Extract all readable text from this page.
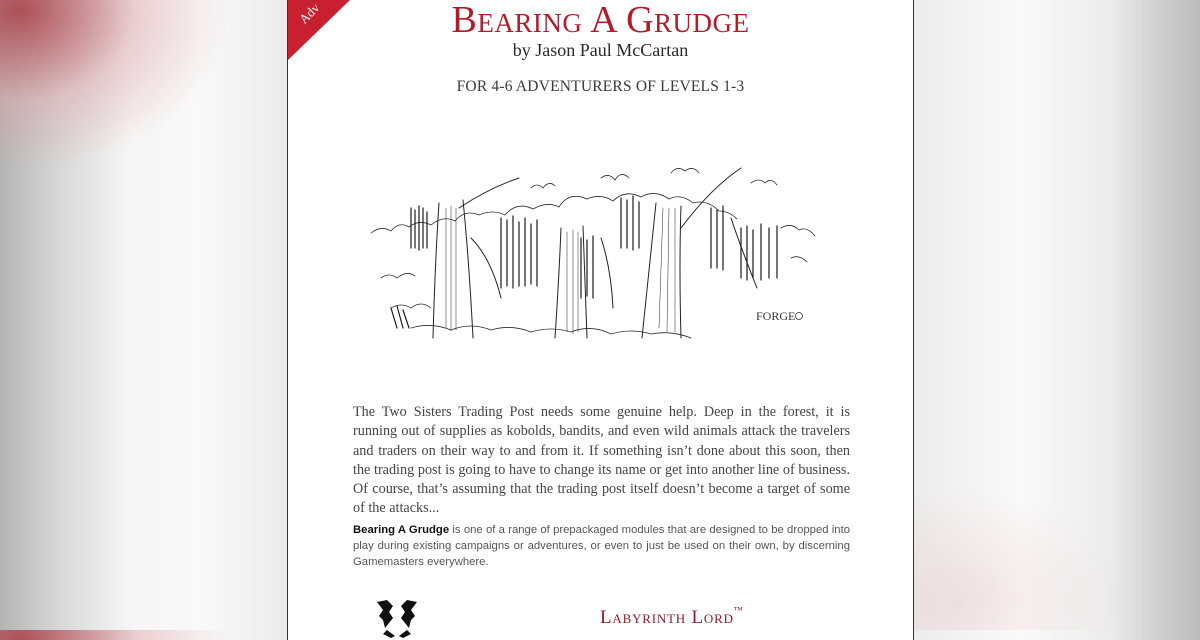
Adv	Bearing A Grudge
by Jason Paul McCartan
FOR 4-6 ADVENTURERS OF LEVELS 1-3
FORGE

The Two Sisters Trading Post needs some genuine help. Deep in the forest, it is running out of supplies as kobolds, bandits, and even wild animals attack the travelers and traders on their way to and from it. If something isn’t done about this soon, then the trading post is going to have to change its name or get into another line of business. Of course, that’s assuming that the trading post itself doesn’t become a target of some of the attacks...

Bearing A Grudge is one of a range of prepackaged modules that are designed to be dropped into play during existing campaigns or adventures, or even to just be used on their own, by discerning Gamemasters everywhere.

Labyrinth Lord™
